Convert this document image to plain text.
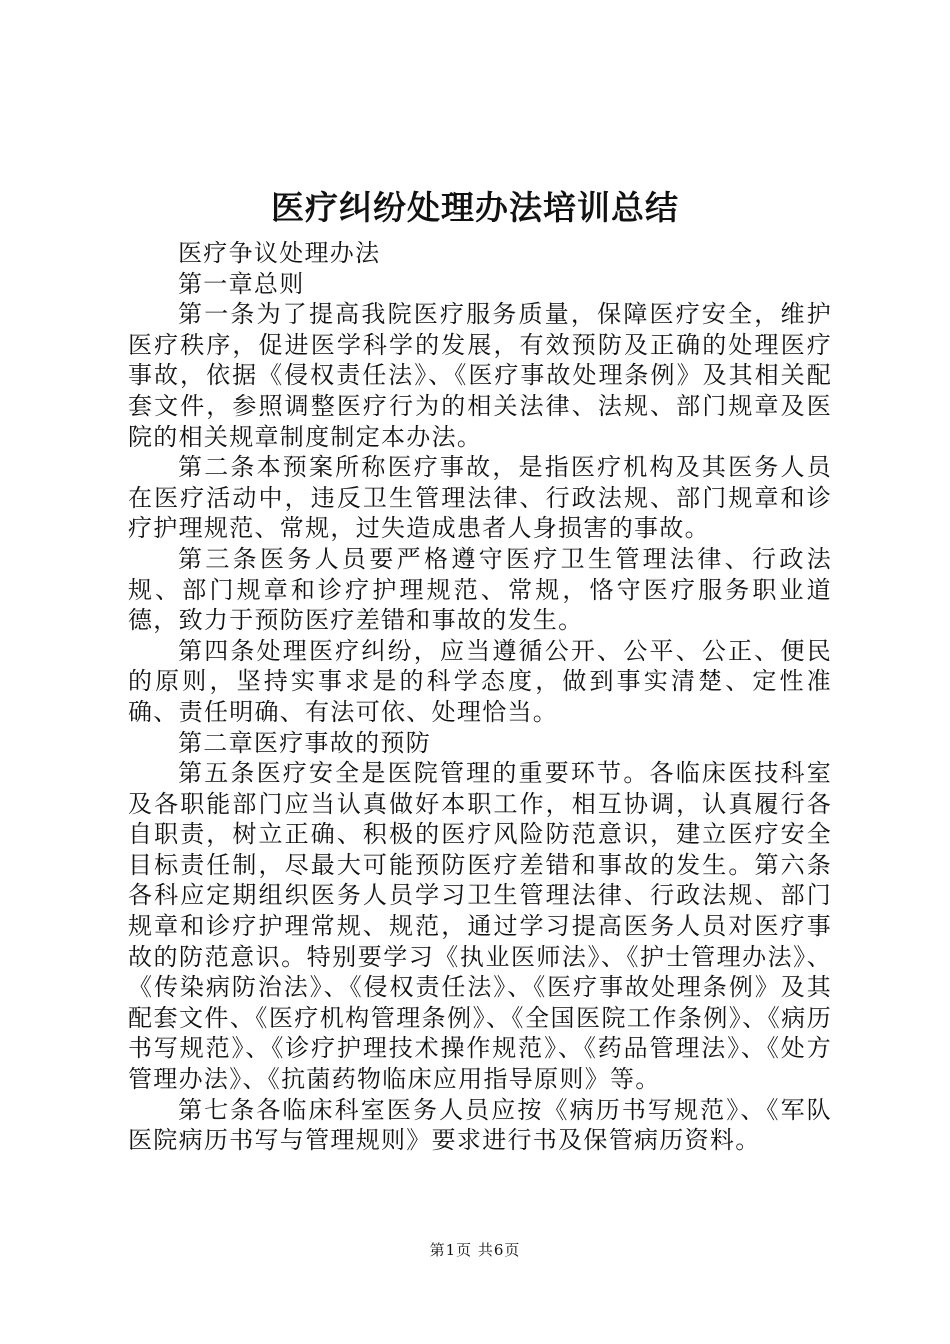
医疗纠纷处理办法培训总结

医疗争议处理办法

第一章总则

第一条为了提高我院医疗服务质量，保障医疗安全，维护医疗秩序，促进医学科学的发展，有效预防及正确的处理医疗事故，依据《侵权责任法》、《医疗事故处理条例》及其相关配套文件，参照调整医疗行为的相关法律、法规、部门规章及医院的相关规章制度制定本办法。

第二条本预案所称医疗事故，是指医疗机构及其医务人员在医疗活动中，违反卫生管理法律、行政法规、部门规章和诊疗护理规范、常规，过失造成患者人身损害的事故。

第三条医务人员要严格遵守医疗卫生管理法律、行政法规、部门规章和诊疗护理规范、常规，恪守医疗服务职业道德，致力于预防医疗差错和事故的发生。

第四条处理医疗纠纷，应当遵循公开、公平、公正、便民的原则，坚持实事求是的科学态度，做到事实清楚、定性准确、责任明确、有法可依、处理恰当。

第二章医疗事故的预防

第五条医疗安全是医院管理的重要环节。各临床医技科室及各职能部门应当认真做好本职工作，相互协调，认真履行各自职责，树立正确、积极的医疗风险防范意识，建立医疗安全目标责任制，尽最大可能预防医疗差错和事故的发生。第六条各科应定期组织医务人员学习卫生管理法律、行政法规、部门规章和诊疗护理常规、规范，通过学习提高医务人员对医疗事故的防范意识。特别要学习《执业医师法》、《护士管理办法》、《传染病防治法》、《侵权责任法》、《医疗事故处理条例》及其配套文件、《医疗机构管理条例》、《全国医院工作条例》、《病历书写规范》、《诊疗护理技术操作规范》、《药品管理法》、《处方管理办法》、《抗菌药物临床应用指导原则》等。

第七条各临床科室医务人员应按《病历书写规范》、《军队医院病历书写与管理规则》要求进行书及保管病历资料。

第1页 共6页
